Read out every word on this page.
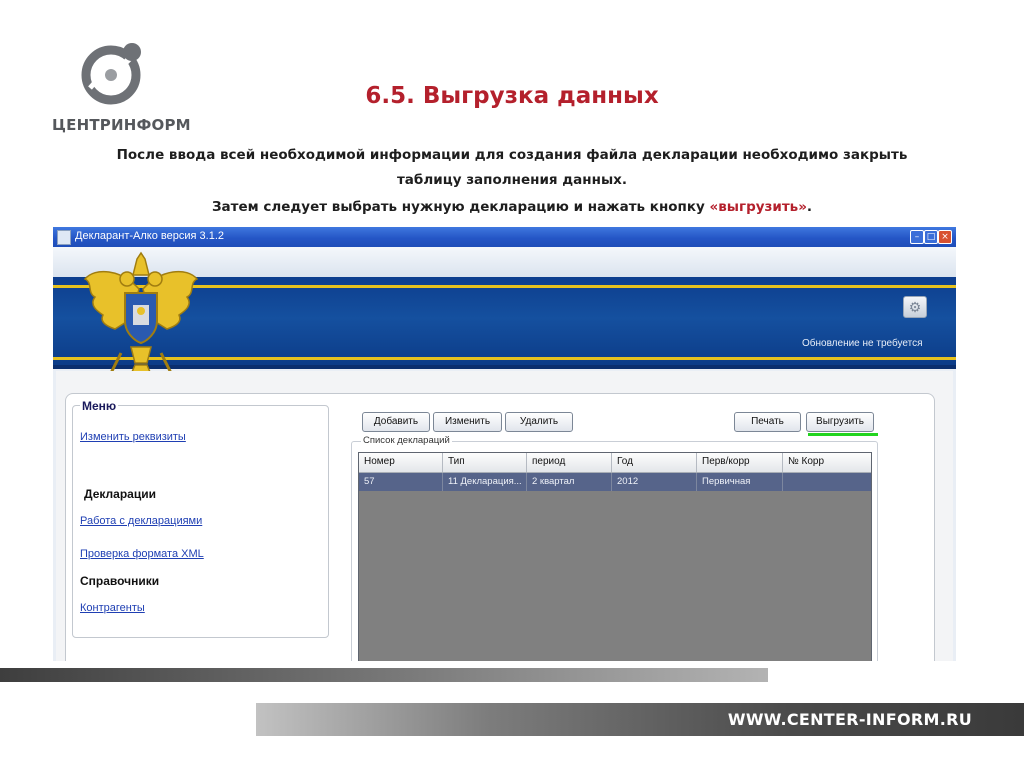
ЦЕНТРИНФОРМ
6.5. Выгрузка данных
После ввода всей необходимой информации для создания файла декларации необходимо закрыть
таблицу заполнения данных.
Затем следует выбрать нужную декларацию и нажать кнопку «выгрузить».
Декларант-Алко версия 3.1.2	– □ ×
⚙
Обновление не требуется
Меню
Изменить реквизиты
Декларации
Работа с декларациями
Проверка формата XML
Справочники
Контрагенты
Добавить	Изменить	Удалить	Печать	Выгрузить
Список деклараций
Номер	Тип	период	Год	Перв/корр	№ Корр
57	11 Декларация...	2 квартал	2012	Первичная
WWW.CENTER-INFORM.RU
